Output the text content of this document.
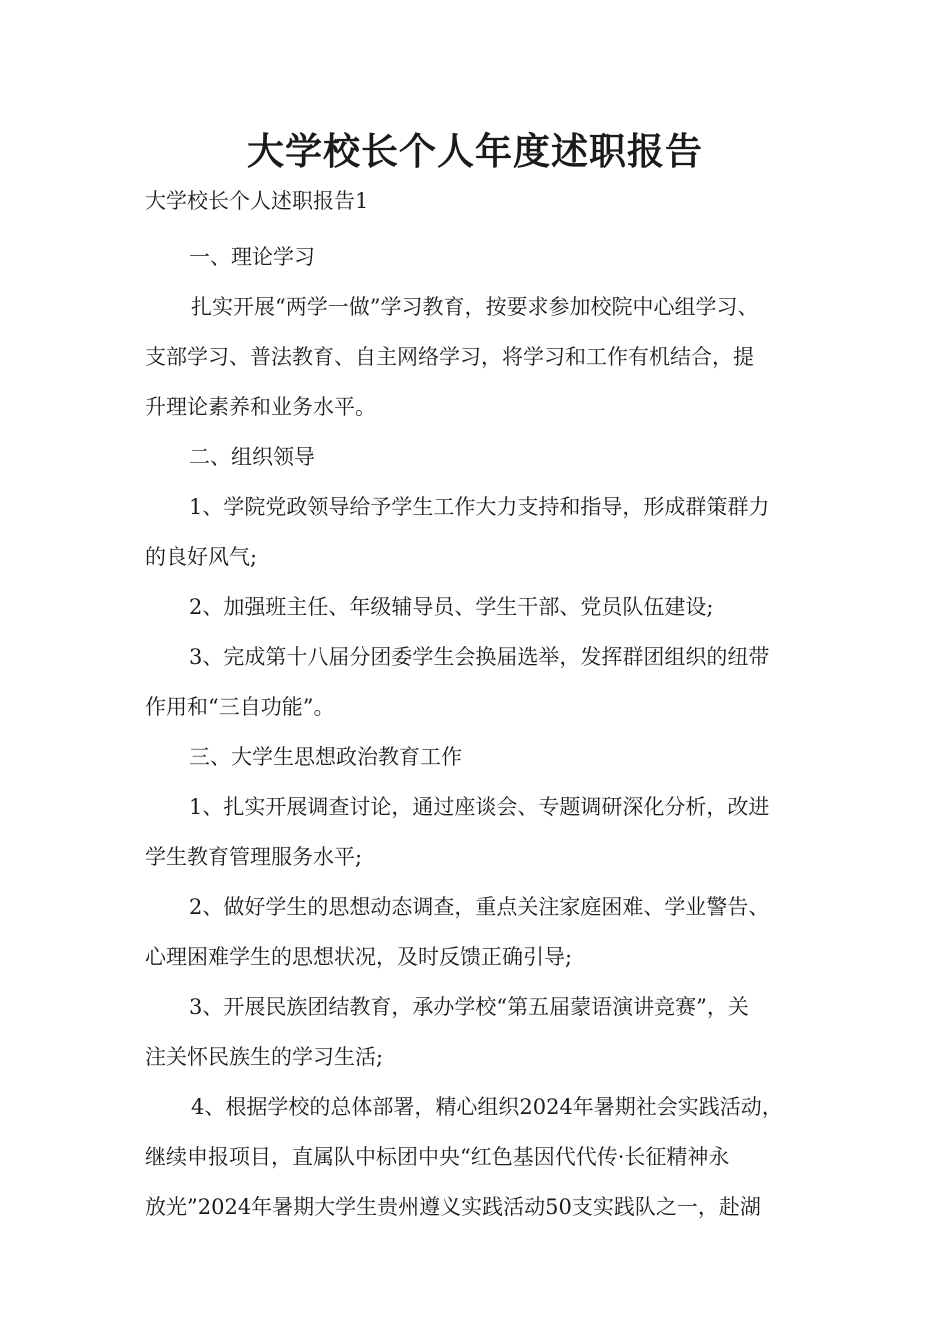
大学校长个人年度述职报告

大学校长个人述职报告1

一、理论学习

扎实开展“两学一做”学习教育，按要求参加校院中心组学习、

支部学习、普法教育、自主网络学习，将学习和工作有机结合，提

升理论素养和业务水平。

二、组织领导

1、学院党政领导给予学生工作大力支持和指导，形成群策群力

的良好风气;

2、加强班主任、年级辅导员、学生干部、党员队伍建设;

3、完成第十八届分团委学生会换届选举，发挥群团组织的纽带

作用和“三自功能”。

三、大学生思想政治教育工作

1、扎实开展调查讨论，通过座谈会、专题调研深化分析，改进

学生教育管理服务水平;

2、做好学生的思想动态调查，重点关注家庭困难、学业警告、

心理困难学生的思想状况，及时反馈正确引导;

3、开展民族团结教育，承办学校“第五届蒙语演讲竞赛”，关

注关怀民族生的学习生活;

4、根据学校的总体部署，精心组织2024年暑期社会实践活动，

继续申报项目，直属队中标团中央“红色基因代代传·长征精神永

放光”2024年暑期大学生贵州遵义实践活动50支实践队之一，赴湖
